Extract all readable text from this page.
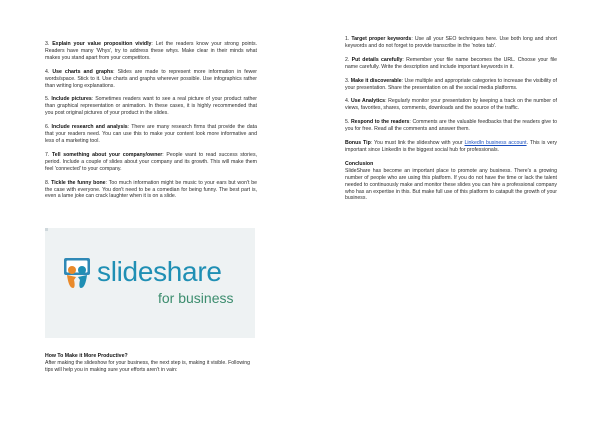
3. Explain your value proposition vividly: Let the readers know your strong points. Readers have many 'Whys', try to address these whys. Make clear in their minds what makes you stand apart from your competitors.

4. Use charts and graphs: Slides are made to represent more information in fewer words/space. Stick to it. Use charts and graphs wherever possible. Use infographics rather than writing long explanations.

5. Include pictures: Sometimes readers want to see a real picture of your product rather than graphical representation or animation. In these cases, it is highly recommended that you post original pictures of your product in the slides.

6. Include research and analysis: There are many research firms that provide the data that your readers need. You can use this to make your content look more informative and less of a marketing tool.

7. Tell something about your company/owner: People want to read success stories, period. Include a couple of slides about your company and its growth. This will make them feel 'connected' to your company.

8. Tickle the funny bone: Too much information might be music to your ears but won't be the case with everyone. You don't need to be a comedian for being funny. The best part is, even a lame joke can crack laughter when it is on a slide.

slideshare
for business
How To Make it More Productive?
After making the slideshow for your business, the next step is, making it visible. Following tips will help you in making sure your efforts aren't in vain:

1. Target proper keywords: Use all your SEO techniques here. Use both long and short keywords and do not forget to provide transcribe in the 'notes tab'.

2. Put details carefully: Remember your file name becomes the URL. Choose your file name carefully. Write the description and include important keywords in it.

3. Make it discoverable: Use multiple and appropriate categories to increase the visibility of your presentation. Share the presentation on all the social media platforms.

4. Use Analytics: Regularly monitor your presentation by keeping a track on the number of views, favorites, shares, comments, downloads and the source of the traffic.

5. Respond to the readers: Comments are the valuable feedbacks that the readers give to you for free. Read all the comments and answer them.

Bonus Tip: You must link the slideshow with your LinkedIn business account. This is very important since LinkedIn is the biggest social hub for professionals.

Conclusion
SlideShare has become an important place to promote any business. There's a growing number of people who are using this platform. If you do not have the time or lack the talent needed to continuously make and monitor these slides you can hire a professional company who has an expertise in this. But make full use of this platform to catapult the growth of your business.
